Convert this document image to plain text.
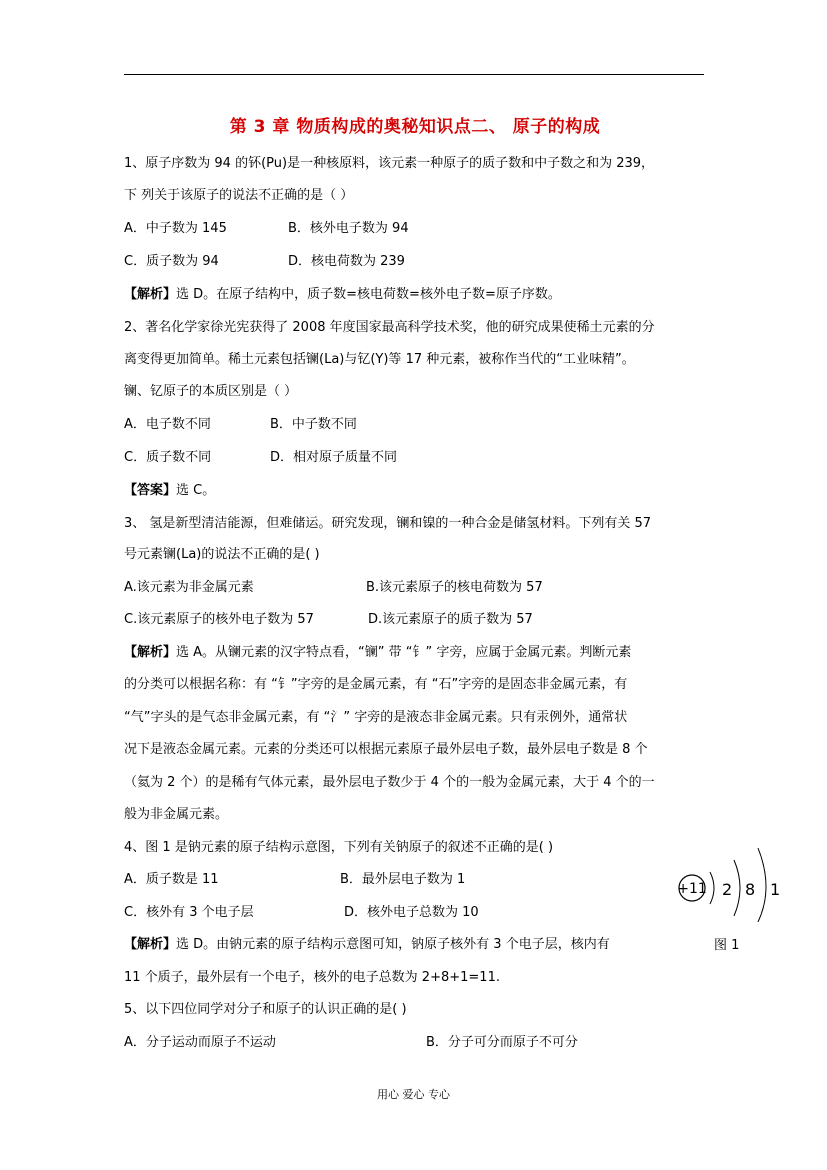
第 3 章 物质构成的奥秘知识点二、 原子的构成
1、原子序数为 94 的钚(Pu)是一种核原料，该元素一种原子的质子数和中子数之和为 239，
下 列关于该原子的说法不正确的是（ ）
A．中子数为 145	B．核外电子数为 94
C．质子数为 94	D．核电荷数为 239
【解析】选 D。在原子结构中，质子数=核电荷数=核外电子数=原子序数。
2、著名化学家徐光宪获得了 2008 年度国家最高科学技术奖，他的研究成果使稀土元素的分
离变得更加简单。稀土元素包括镧(La)与钇(Y)等 17 种元素，被称作当代的“工业味精”。
镧、钇原子的本质区别是（ ）
A．电子数不同	B．中子数不同
C．质子数不同	D．相对原子质量不同
【答案】选 C。
3、 氢是新型清洁能源，但难储运。研究发现，镧和镍的一种合金是储氢材料。下列有关 57
号元素镧(La)的说法不正确的是( )
A.该元素为非金属元素	B.该元素原子的核电荷数为 57
C.该元素原子的核外电子数为 57	D.该元素原子的质子数为 57
【解析】选 A。从镧元素的汉字特点看，“镧” 带 “钅” 字旁，应属于金属元素。判断元素
的分类可以根据名称：有 “钅”字旁的是金属元素，有 “石”字旁的是固态非金属元素，有
“气”字头的是气态非金属元素，有 “氵” 字旁的是液态非金属元素。只有汞例外，通常状
况下是液态金属元素。元素的分类还可以根据元素原子最外层电子数，最外层电子数是 8 个
（氦为 2 个）的是稀有气体元素，最外层电子数少于 4 个的一般为金属元素，大于 4 个的一
般为非金属元素。
4、图 1 是钠元素的原子结构示意图，下列有关钠原子的叙述不正确的是( )
A．质子数是 11	B．最外层电子数为 1
C．核外有 3 个电子层	D．核外电子总数为 10
【解析】选 D。由钠元素的原子结构示意图可知，钠原子核外有 3 个电子层，核内有
11 个质子，最外层有一个电子，核外的电子总数为 2+8+1=11.
+11 2 8 1
图 1
5、以下四位同学对分子和原子的认识正确的是( )
A．分子运动而原子不运动	B．分子可分而原子不可分
用心 爱心 专心
